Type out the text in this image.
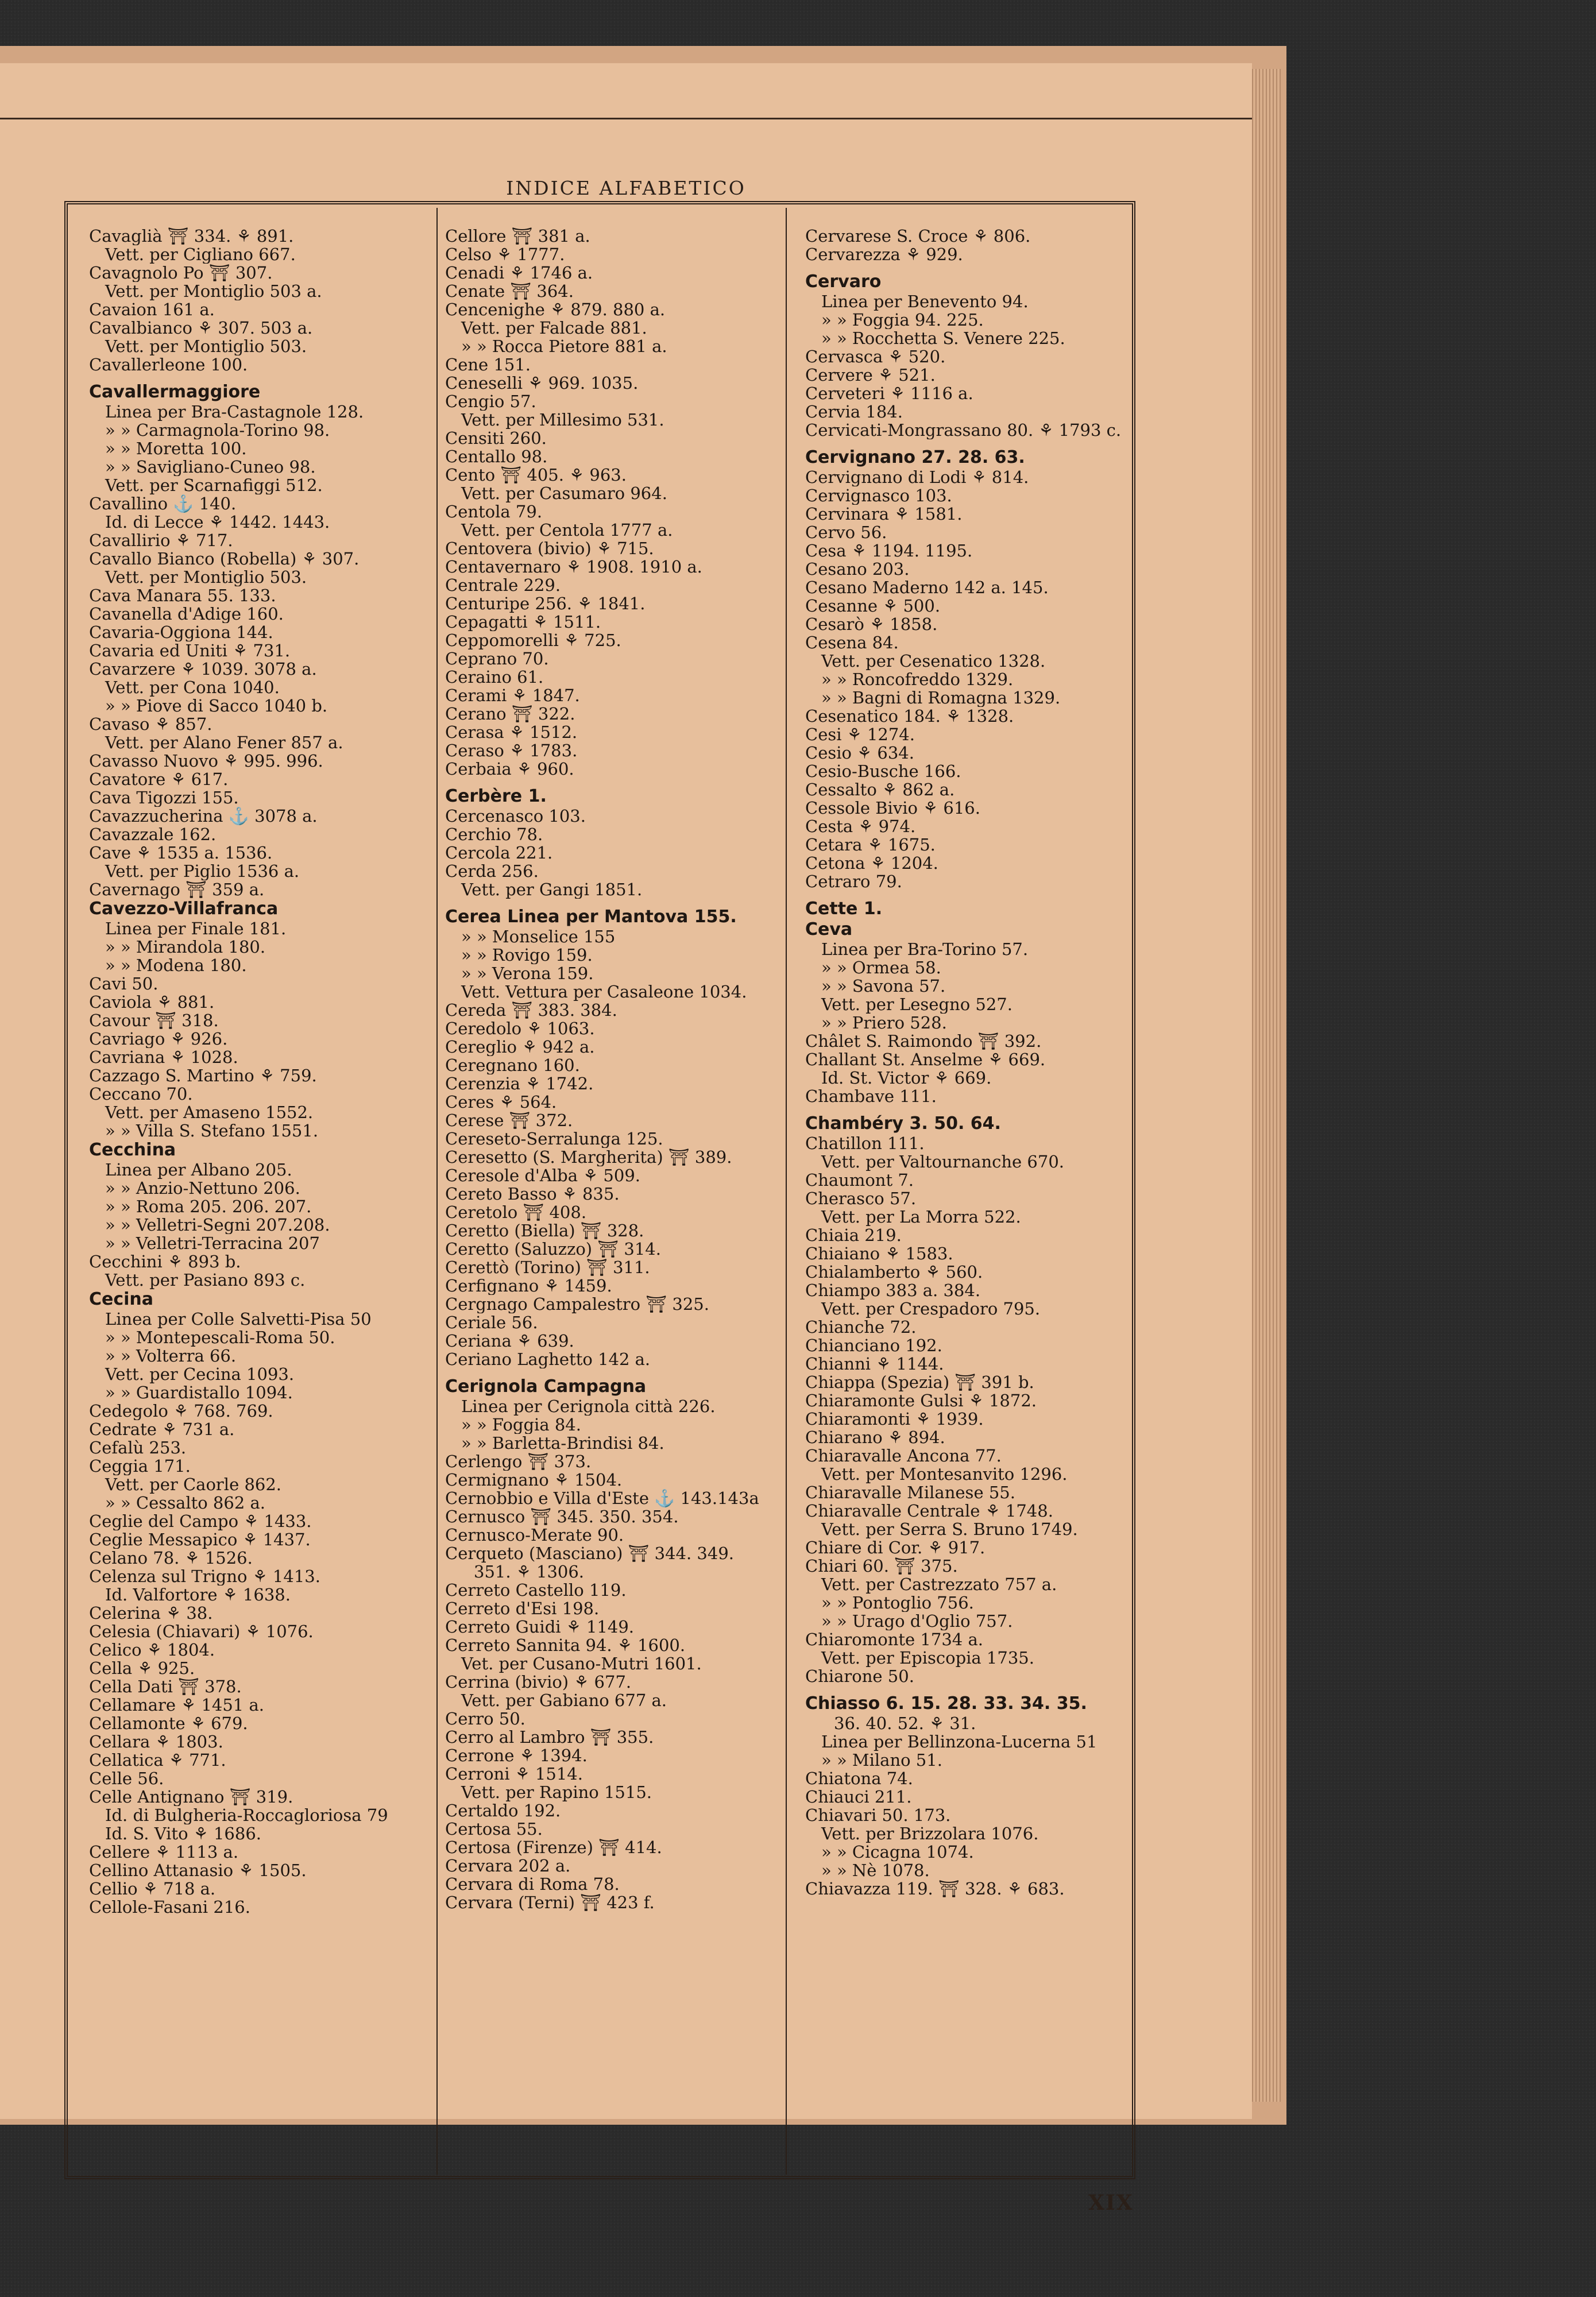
INDICE ALFABETICO
Cavaglià ⛩ 334. ⚘ 891.
Vett. per Cigliano 667.
Cavagnolo Po ⛩ 307.
Vett. per Montiglio 503 a.
Cavaion 161 a.
Cavalbianco ⚘ 307. 503 a.
Vett. per Montiglio 503.
Cavallerleone 100.
Cavallermaggiore
Linea per Bra-Castagnole 128.
» » Carmagnola-Torino 98.
» » Moretta 100.
» » Savigliano-Cuneo 98.
Vett. per Scarnafiggi 512.
Cavallino ⚓ 140.
Id. di Lecce ⚘ 1442. 1443.
Cavallirio ⚘ 717.
Cavallo Bianco (Robella) ⚘ 307.
Vett. per Montiglio 503.
Cava Manara 55. 133.
Cavanella d'Adige 160.
Cavaria-Oggiona 144.
Cavaria ed Uniti ⚘ 731.
Cavarzere ⚘ 1039. 3078 a.
Vett. per Cona 1040.
» » Piove di Sacco 1040 b.
Cavaso ⚘ 857.
Vett. per Alano Fener 857 a.
Cavasso Nuovo ⚘ 995. 996.
Cavatore ⚘ 617.
Cava Tigozzi 155.
Cavazzucherina ⚓ 3078 a.
Cavazzale 162.
Cave ⚘ 1535 a. 1536.
Vett. per Piglio 1536 a.
Cavernago ⛩ 359 a.
Cavezzo-Villafranca
Linea per Finale 181.
» » Mirandola 180.
» » Modena 180.
Cavi 50.
Caviola ⚘ 881.
Cavour ⛩ 318.
Cavriago ⚘ 926.
Cavriana ⚘ 1028.
Cazzago S. Martino ⚘ 759.
Ceccano 70.
Vett. per Amaseno 1552.
» » Villa S. Stefano 1551.
Cecchina
Linea per Albano 205.
» » Anzio-Nettuno 206.
» » Roma 205. 206. 207.
» » Velletri-Segni 207.208.
» » Velletri-Terracina 207
Cecchini ⚘ 893 b.
Vett. per Pasiano 893 c.
Cecina
Linea per Colle Salvetti-Pisa 50
» » Montepescali-Roma 50.
» » Volterra 66.
Vett. per Cecina 1093.
» » Guardistallo 1094.
Cedegolo ⚘ 768. 769.
Cedrate ⚘ 731 a.
Cefalù 253.
Ceggia 171.
Vett. per Caorle 862.
» » Cessalto 862 a.
Ceglie del Campo ⚘ 1433.
Ceglie Messapico ⚘ 1437.
Celano 78. ⚘ 1526.
Celenza sul Trigno ⚘ 1413.
Id. Valfortore ⚘ 1638.
Celerina ⚘ 38.
Celesia (Chiavari) ⚘ 1076.
Celico ⚘ 1804.
Cella ⚘ 925.
Cella Dati ⛩ 378.
Cellamare ⚘ 1451 a.
Cellamonte ⚘ 679.
Cellara ⚘ 1803.
Cellatica ⚘ 771.
Celle 56.
Celle Antignano ⛩ 319.
Id. di Bulgheria-Roccagloriosa 79
Id. S. Vito ⚘ 1686.
Cellere ⚘ 1113 a.
Cellino Attanasio ⚘ 1505.
Cellio ⚘ 718 a.
Cellole-Fasani 216.
Cellore ⛩ 381 a.
Celso ⚘ 1777.
Cenadi ⚘ 1746 a.
Cenate ⛩ 364.
Cencenighe ⚘ 879. 880 a.
Vett. per Falcade 881.
» » Rocca Pietore 881 a.
Cene 151.
Ceneselli ⚘ 969. 1035.
Cengio 57.
Vett. per Millesimo 531.
Censiti 260.
Centallo 98.
Cento ⛩ 405. ⚘ 963.
Vett. per Casumaro 964.
Centola 79.
Vett. per Centola 1777 a.
Centovera (bivio) ⚘ 715.
Centavernaro ⚘ 1908. 1910 a.
Centrale 229.
Centuripe 256. ⚘ 1841.
Cepagatti ⚘ 1511.
Ceppomorelli ⚘ 725.
Ceprano 70.
Ceraino 61.
Cerami ⚘ 1847.
Cerano ⛩ 322.
Cerasa ⚘ 1512.
Ceraso ⚘ 1783.
Cerbaia ⚘ 960.
Cerbère 1.
Cercenasco 103.
Cerchio 78.
Cercola 221.
Cerda 256.
Vett. per Gangi 1851.
Cerea Linea per Mantova 155.
» » Monselice 155
» » Rovigo 159.
» » Verona 159.
Vett. Vettura per Casaleone 1034.
Cereda ⛩ 383. 384.
Ceredolo ⚘ 1063.
Cereglio ⚘ 942 a.
Ceregnano 160.
Cerenzia ⚘ 1742.
Ceres ⚘ 564.
Cerese ⛩ 372.
Cereseto-Serralunga 125.
Ceresetto (S. Margherita) ⛩ 389.
Ceresole d'Alba ⚘ 509.
Cereto Basso ⚘ 835.
Ceretolo ⛩ 408.
Ceretto (Biella) ⛩ 328.
Ceretto (Saluzzo) ⛩ 314.
Cerettò (Torino) ⛩ 311.
Cerfignano ⚘ 1459.
Cergnago Campalestro ⛩ 325.
Ceriale 56.
Ceriana ⚘ 639.
Ceriano Laghetto 142 a.
Cerignola Campagna
Linea per Cerignola città 226.
» » Foggia 84.
» » Barletta-Brindisi 84.
Cerlengo ⛩ 373.
Cermignano ⚘ 1504.
Cernobbio e Villa d'Este ⚓ 143.143a
Cernusco ⛩ 345. 350. 354.
Cernusco-Merate 90.
Cerqueto (Masciano) ⛩ 344. 349.
351. ⚘ 1306.
Cerreto Castello 119.
Cerreto d'Esi 198.
Cerreto Guidi ⚘ 1149.
Cerreto Sannita 94. ⚘ 1600.
Vet. per Cusano-Mutri 1601.
Cerrina (bivio) ⚘ 677.
Vett. per Gabiano 677 a.
Cerro 50.
Cerro al Lambro ⛩ 355.
Cerrone ⚘ 1394.
Cerroni ⚘ 1514.
Vett. per Rapino 1515.
Certaldo 192.
Certosa 55.
Certosa (Firenze) ⛩ 414.
Cervara 202 a.
Cervara di Roma 78.
Cervara (Terni) ⛩ 423 f.
Cervarese S. Croce ⚘ 806.
Cervarezza ⚘ 929.
Cervaro
Linea per Benevento 94.
» » Foggia 94. 225.
» » Rocchetta S. Venere 225.
Cervasca ⚘ 520.
Cervere ⚘ 521.
Cerveteri ⚘ 1116 a.
Cervia 184.
Cervicati-Mongrassano 80. ⚘ 1793 c.
Cervignano 27. 28. 63.
Cervignano di Lodi ⚘ 814.
Cervignasco 103.
Cervinara ⚘ 1581.
Cervo 56.
Cesa ⚘ 1194. 1195.
Cesano 203.
Cesano Maderno 142 a. 145.
Cesanne ⚘ 500.
Cesarò ⚘ 1858.
Cesena 84.
Vett. per Cesenatico 1328.
» » Roncofreddo 1329.
» » Bagni di Romagna 1329.
Cesenatico 184. ⚘ 1328.
Cesi ⚘ 1274.
Cesio ⚘ 634.
Cesio-Busche 166.
Cessalto ⚘ 862 a.
Cessole Bivio ⚘ 616.
Cesta ⚘ 974.
Cetara ⚘ 1675.
Cetona ⚘ 1204.
Cetraro 79.
Cette 1.
Ceva
Linea per Bra-Torino 57.
» » Ormea 58.
» » Savona 57.
Vett. per Lesegno 527.
» » Priero 528.
Châlet S. Raimondo ⛩ 392.
Challant St. Anselme ⚘ 669.
Id. St. Victor ⚘ 669.
Chambave 111.
Chambéry 3. 50. 64.
Chatillon 111.
Vett. per Valtournanche 670.
Chaumont 7.
Cherasco 57.
Vett. per La Morra 522.
Chiaia 219.
Chiaiano ⚘ 1583.
Chialamberto ⚘ 560.
Chiampo 383 a. 384.
Vett. per Crespadoro 795.
Chianche 72.
Chianciano 192.
Chianni ⚘ 1144.
Chiappa (Spezia) ⛩ 391 b.
Chiaramonte Gulsi ⚘ 1872.
Chiaramonti ⚘ 1939.
Chiarano ⚘ 894.
Chiaravalle Ancona 77.
Vett. per Montesanvito 1296.
Chiaravalle Milanese 55.
Chiaravalle Centrale ⚘ 1748.
Vett. per Serra S. Bruno 1749.
Chiare di Cor. ⚘ 917.
Chiari 60. ⛩ 375.
Vett. per Castrezzato 757 a.
» » Pontoglio 756.
» » Urago d'Oglio 757.
Chiaromonte 1734 a.
Vett. per Episcopia 1735.
Chiarone 50.
Chiasso 6. 15. 28. 33. 34. 35.
36. 40. 52. ⚘ 31.
Linea per Bellinzona-Lucerna 51
» » Milano 51.
Chiatona 74.
Chiauci 211.
Chiavari 50. 173.
Vett. per Brizzolara 1076.
» » Cicagna 1074.
» » Nè 1078.
Chiavazza 119. ⛩ 328. ⚘ 683.
XIX
